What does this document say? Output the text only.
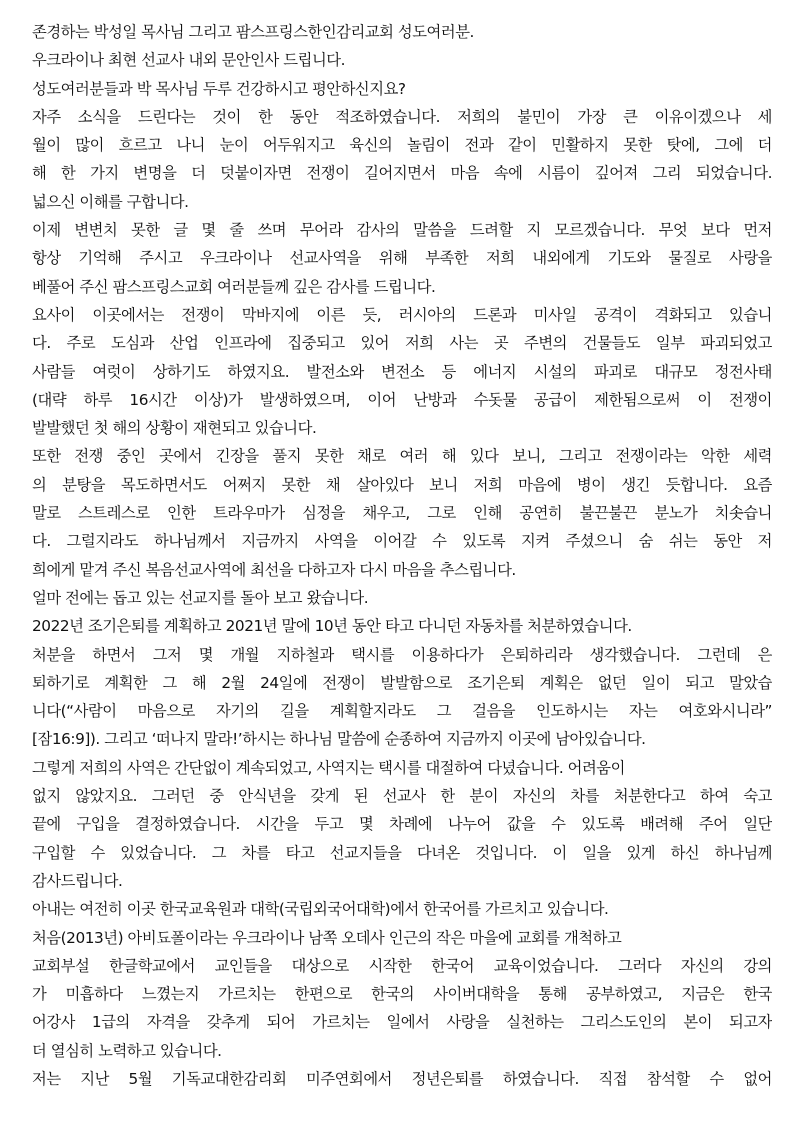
존경하는 박성일 목사님 그리고 팜스프링스한인감리교회 성도여러분.
우크라이나 최현 선교사 내외 문안인사 드립니다.
성도여러분들과 박 목사님 두루 건강하시고 평안하신지요?
자주 소식을 드린다는 것이 한 동안 적조하였습니다. 저희의 불민이 가장 큰 이유이겠으나 세
월이 많이 흐르고 나니 눈이 어두워지고 육신의 놀림이 전과 같이 민활하지 못한 탓에, 그에 더
해 한 가지 변명을 더 덧붙이자면 전쟁이 길어지면서 마음 속에 시름이 깊어져 그리 되었습니다.
넓으신 이해를 구합니다.
이제 변변치 못한 글 몇 줄 쓰며 무어라 감사의 말씀을 드려할 지 모르겠습니다. 무엇 보다 먼저
항상 기억해 주시고 우크라이나 선교사역을 위해 부족한 저희 내외에게 기도와 물질로 사랑을
베풀어 주신 팜스프링스교회 여러분들께 깊은 감사를 드립니다.
요사이 이곳에서는 전쟁이 막바지에 이른 듯, 러시아의 드론과 미사일 공격이 격화되고 있습니
다. 주로 도심과 산업 인프라에 집중되고 있어 저희 사는 곳 주변의 건물들도 일부 파괴되었고
사람들 여럿이 상하기도 하였지요. 발전소와 변전소 등 에너지 시설의 파괴로 대규모 정전사태
(대략 하루 16시간 이상)가 발생하였으며, 이어 난방과 수돗물 공급이 제한됨으로써 이 전쟁이
발발했던 첫 해의 상황이 재현되고 있습니다.
또한 전쟁 중인 곳에서 긴장을 풀지 못한 채로 여러 해 있다 보니, 그리고 전쟁이라는 악한 세력
의 분탕을 목도하면서도 어쩌지 못한 채 살아있다 보니 저희 마음에 병이 생긴 듯합니다. 요즘
말로 스트레스로 인한 트라우마가 심정을 채우고, 그로 인해 공연히 불끈불끈 분노가 치솟습니
다. 그럴지라도 하나님께서 지금까지 사역을 이어갈 수 있도록 지켜 주셨으니 숨 쉬는 동안 저
희에게 맡겨 주신 복음선교사역에 최선을 다하고자 다시 마음을 추스립니다.
얼마 전에는 돕고 있는 선교지를 돌아 보고 왔습니다.
2022년 조기은퇴를 계획하고 2021년 말에 10년 동안 타고 다니던 자동차를 처분하였습니다.
처분을 하면서 그저 몇 개월 지하철과 택시를 이용하다가 은퇴하리라 생각했습니다. 그런데 은
퇴하기로 계획한 그 해 2월 24일에 전쟁이 발발함으로 조기은퇴 계획은 없던 일이 되고 말았습
니다(“사람이 마음으로 자기의 길을 계획할지라도 그 걸음을 인도하시는 자는 여호와시니라”
[잠16:9]). 그리고 ‘떠나지 말라!’하시는 하나님 말씀에 순종하여 지금까지 이곳에 남아있습니다.
그렇게 저희의 사역은 간단없이 계속되었고, 사역지는 택시를 대절하여 다녔습니다. 어려움이
없지 않았지요. 그러던 중 안식년을 갖게 된 선교사 한 분이 자신의 차를 처분한다고 하여 숙고
끝에 구입을 결정하였습니다. 시간을 두고 몇 차례에 나누어 값을 수 있도록 배려해 주어 일단
구입할 수 있었습니다. 그 차를 타고 선교지들을 다녀온 것입니다. 이 일을 있게 하신 하나님께
감사드립니다.
아내는 여전히 이곳 한국교육원과 대학(국립외국어대학)에서 한국어를 가르치고 있습니다.
처음(2013년) 아비됴폴이라는 우크라이나 남쪽 오데사 인근의 작은 마을에 교회를 개척하고
교회부설 한글학교에서 교인들을 대상으로 시작한 한국어 교육이었습니다. 그러다 자신의 강의
가 미흡하다 느꼈는지 가르치는 한편으로 한국의 사이버대학을 통해 공부하였고, 지금은 한국
어강사 1급의 자격을 갖추게 되어 가르치는 일에서 사랑을 실천하는 그리스도인의 본이 되고자
더 열심히 노력하고 있습니다.
저는 지난 5월 기독교대한감리회 미주연회에서 정년은퇴를 하였습니다. 직접 참석할 수 없어
